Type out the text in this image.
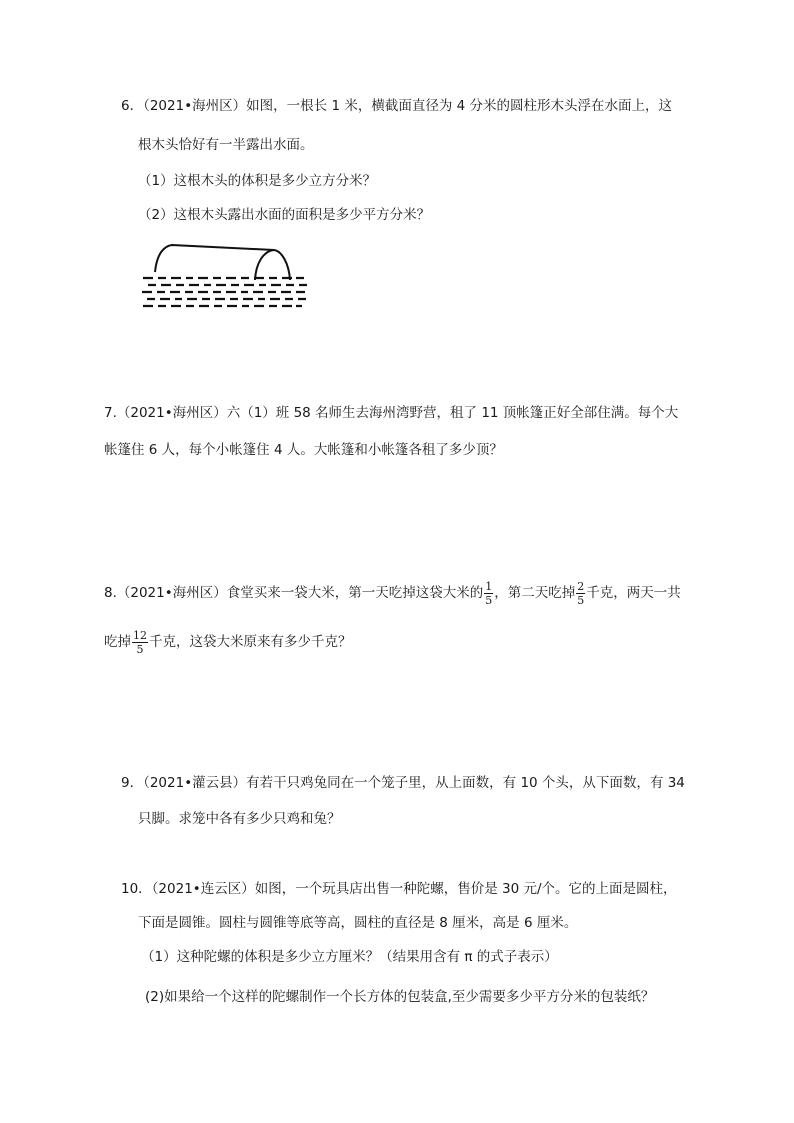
6．（2021•海州区）如图，一根长 1 米，横截面直径为 4 分米的圆柱形木头浮在水面上，这
根木头恰好有一半露出水面。
（1）这根木头的体积是多少立方分米？
（2）这根木头露出水面的面积是多少平方分米？
7.（2021•海州区）六（1）班 58 名师生去海州湾野营，租了 11 顶帐篷正好全部住满。每个大
帐篷住 6 人，每个小帐篷住 4 人。大帐篷和小帐篷各租了多少顶？
8.（2021•海州区）食堂买来一袋大米，第一天吃掉这袋大米的 $\frac{1}{5}$ ，第二天吃掉 $\frac{2}{5}$ 千克，两天一共
吃掉 $\frac{12}{5}$ 千克，这袋大米原来有多少千克？
9．（2021•灌云县）有若干只鸡兔同在一个笼子里，从上面数，有 10 个头，从下面数，有 34
只脚。求笼中各有多少只鸡和兔？
10．（2021•连云区）如图，一个玩具店出售一种陀螺，售价是 30 元/个。它的上面是圆柱，
下面是圆锥。圆柱与圆锥等底等高，圆柱的直径是 8 厘米，高是 6 厘米。
（1）这种陀螺的体积是多少立方厘米？（结果用含有 π 的式子表示）
(2)如果给一个这样的陀螺制作一个长方体的包装盒,至少需要多少平方分米的包装纸？
